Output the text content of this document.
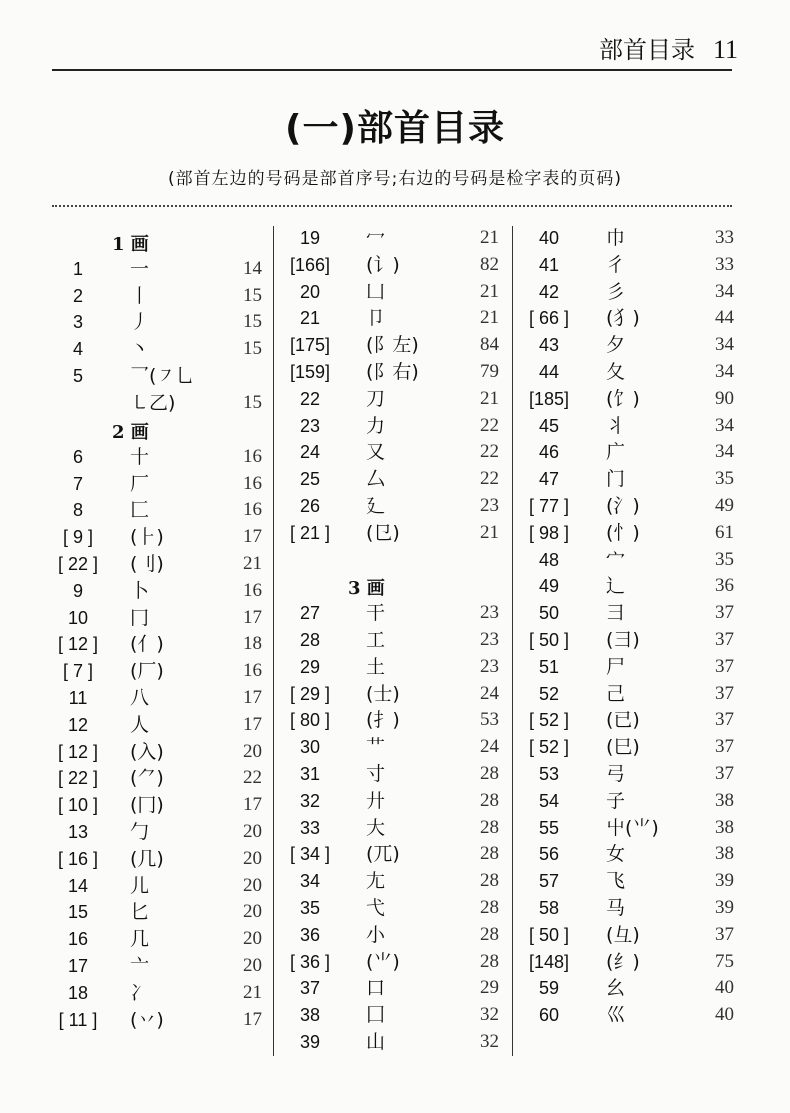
部首目录 11
(一)部首目录
(部首左边的号码是部首序号;右边的号码是检字表的页码)
1 画
1	一	14
2	丨	15
3	丿	15
4	丶	15
5	乛(㇇乚
㇄乙)	15
2 画
6	十	16
7	厂	16
8	匚	16
[ 9 ]	(⺊)	17
[ 22 ]	(刂)	21
9	卜	16
10	冂	17
[ 12 ]	(亻)	18
[ 7 ]	(厂)	16
11	八	17
12	人	17
[ 12 ]	(入)	20
[ 22 ]	(⺈)	22
[ 10 ]	(冂)	17
13	勹	20
[ 16 ]	(几)	20
14	儿	20
15	匕	20
16	几	20
17	亠	20
18	冫	21
[ 11 ]	(丷)	17
19	冖	21
[166]	(讠)	82
20	凵	21
21	卩	21
[175]	(阝左)	84
[159]	(阝右)	79
22	刀	21
23	力	22
24	又	22
25	厶	22
26	廴	23
[ 21 ]	(㔾)	21
3 画
27	干	23
28	工	23
29	土	23
[ 29 ]	(士)	24
[ 80 ]	(扌)	53
30	艹	24
31	寸	28
32	廾	28
33	大	28
[ 34 ]	(兀)	28
34	尢	28
35	弋	28
36	小	28
[ 36 ]	(⺌)	28
37	口	29
38	囗	32
39	山	32
40	巾	33
41	彳	33
42	彡	34
[ 66 ]	(犭)	44
43	夕	34
44	夂	34
[185]	(饣)	90
45	丬	34
46	广	34
47	门	35
[ 77 ]	(氵)	49
[ 98 ]	(忄)	61
48	宀	35
49	辶	36
50	彐	37
[ 50 ]	(⺕)	37
51	尸	37
52	己	37
[ 52 ]	(已)	37
[ 52 ]	(巳)	37
53	弓	37
54	子	38
55	屮(⺌)	38
56	女	38
57	飞	39
58	马	39
[ 50 ]	(彑)	37
[148]	(纟)	75
59	幺	40
60	巛	40
